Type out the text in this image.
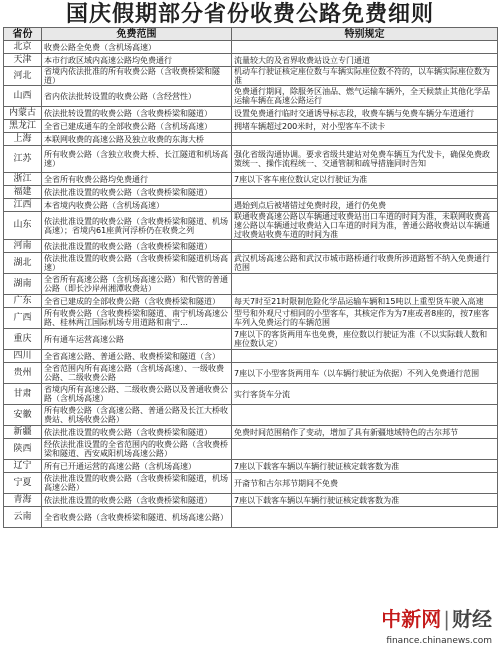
国庆假期部分省份收费公路免费细则
省份	免费范围	特别规定
北京	收费公路全免费（含机场高速）	
天津	本市行政区域内高速公路均免费通行	流量较大的及省界收费站设立专门通道
河北	省境内依法批准的所有收费公路（含收费桥梁和隧道）	机动车行驶证核定座位数与车辆实际座位数不符的，以车辆实际座位数为准
山西	省内依法批转设置的收费公路（含经营性）	免费通行期间，除服务区油品、燃气运输车辆外，全天候禁止其他化学品运输车辆在高速公路运行
内蒙古	依法批转设置的收费公路（含收费桥梁和隧道）	设置免费通行临时交通诱导标志段，收费车辆与免费车辆分车道通行
黑龙江	全省已建成通车的全部收费公路（含机场高速）	拥堵车辆超过200米时，对小型客车不读卡
上海	本联网收费的高速公路及独立收费的东海大桥	
江苏	所有收费公路（含独立收费大桥、长江隧道和机场高速）	强化省级沟通协调。要求省级共建站对免费车辆互为代发卡，确保免费政策统一、操作流程统一、交通管制和疏导措施同时告知
浙江	全省所有收费公路均免费通行	7座以下客车座位数认定以行驶证为准
福建	依法批准设置的收费公路（含收费桥梁和隧道）	
江西	本省境内收费公路（含机场高速）	遇始到点后被堵错过免费时段，通行仍免费
山东	依法批准设置的收费公路（含收费桥梁和隧道、机场高速）；省境内61座黄河浮桥仍在收费之列	联通收费高速公路以车辆通过收费站出口车道的时间为准，未联网收费高速公路以车辆通过收费站入口车道的时间为准，普通公路收费站以车辆通过收费站收费车道的时间为准
河南	依法批准设置的收费公路（含收费桥梁和隧道）	
湖北	依法批准设置的收费公路（含收费桥梁和隧道机场高速）	武汉机场高速公路和武汉市城市路桥通行收费所涉道路暂不纳入免费通行范围
湖南	全省所有高速公路（含机场高速公路）和代管的普通公路（即长沙岸州湘潭收费站）	
广东	全省已建成的全部收费公路（含收费桥梁和隧道）	每天7时至21时限制危险化学品运输车辆和15吨以上重型货车驶入高速
广西	所有收费公路（含收费桥梁和隧道、南宁机场高速公路、桂林两江国际机场专用道路和南宁…	型号和外观尺寸相同的小型客车，其核定作为为7座或者8座的，按7座客车列入免费运行的车辆范围
重庆	所有通车运营高速公路	7座以下的客货两用车也免费，座位数以行驶证为准（不以实际载人数和座位数认定）
四川	全省高速公路、普通公路、收费桥梁和隧道（含）	
贵州	全省范围内所有高速公路（含机场高速）、一级收费公路、二级收费公路	7座以下小型客货两用车（以车辆行驶证为依据）不列入免费通行范围
甘肃	省境内所有高速公路、二级收费公路以及普通收费公路（含机场高速）	实行客货车分流
安徽	所有收费公路（含高速公路、普通公路及长江大桥收费站、机场收费公路）	
新疆	依法批准设置的收费公路（含收费桥梁和隧道）	免费时间范围稍作了变动，增加了具有新疆地域特色的古尔邦节
陕西	经依法批准设置的全省范围内的收费公路（含收费桥梁和隧道、西安咸阳机场高速公路）	
辽宁	所有已开通运营的高速公路（含机场高速）	7座以下载客车辆以车辆行驶证核定载客数为准
宁夏	依法批准设置的收费公路（含收费桥梁和隧道，机场高速公路）	开斋节和古尔邦节期间不免费
青海	依法批准设置的收费公路（含收费桥梁和隧道）	7座以下载客车辆以车辆行驶证核定载客数为准
云南	全省收费公路（含收费桥梁和隧道、机场高速公路）	
中新网 | 财经
finance.chinanews.com
